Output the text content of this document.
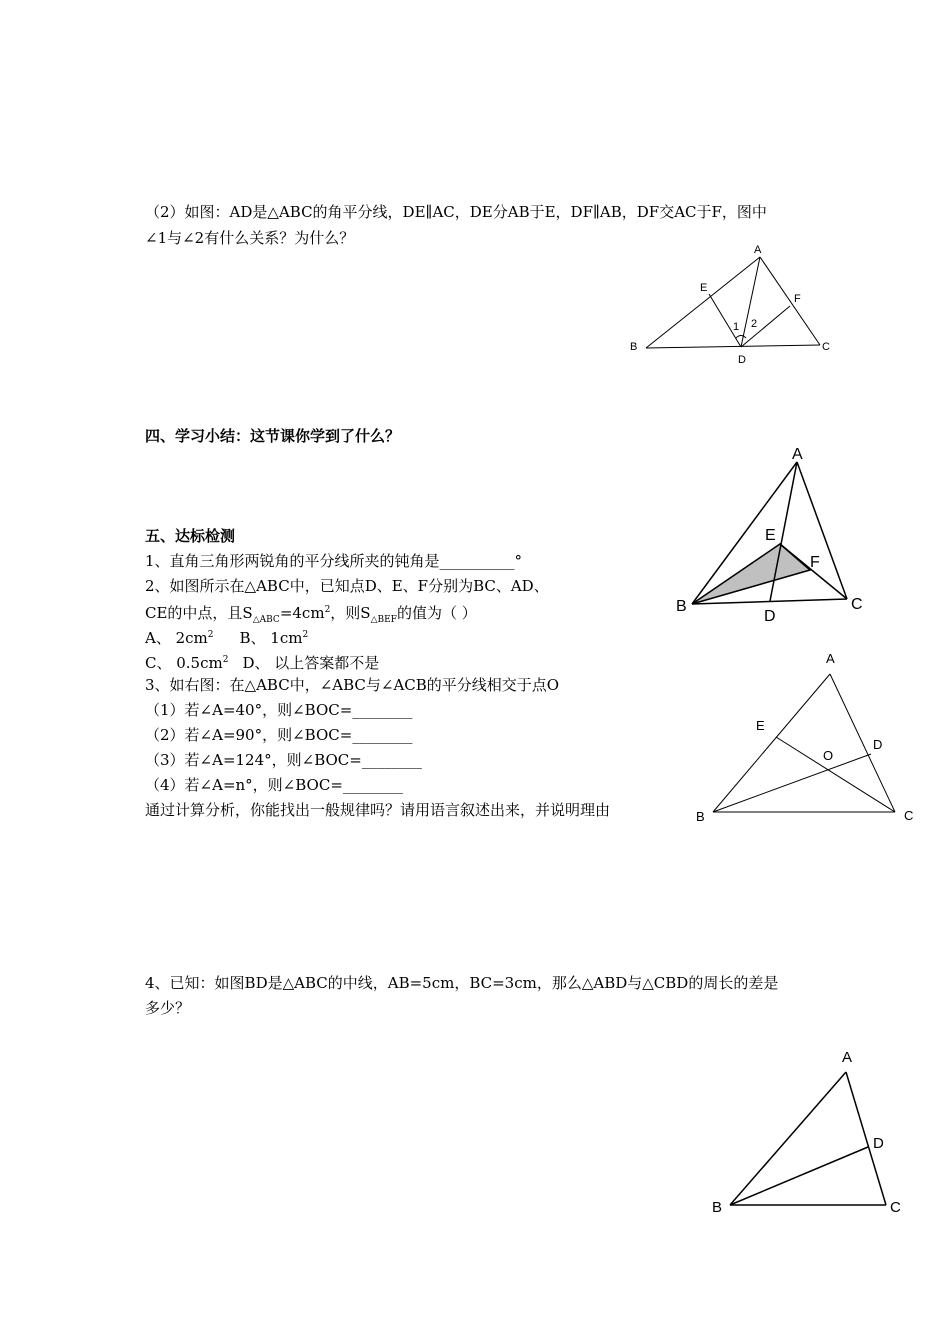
（2）如图：AD是△ABC的角平分线，DE∥AC，DE分AB于E，DF∥AB，DF交AC于F，图中
∠1与∠2有什么关系？为什么？
A
B	C
D
E
F
1 2
四、学习小结：这节课你学到了什么？
五、达标检测
1、直角三角形两锐角的平分线所夹的钝角是__________°
2、如图所示在△ABC中，已知点D、E、F分别为BC、AD、
CE的中点，且$S_{\triangle ABC}=4cm^2$，则$S_{\triangle BEF}$的值为（ ）
A、 $2cm^2$ B、 $1cm^2$
C、 $0.5cm^2$ D、 以上答案都不是
3、如右图：在△ABC中，∠ABC与∠ACB的平分线相交于点O
（1）若∠A=40°，则∠BOC=________
（2）若∠A=90°，则∠BOC=________
（3）若∠A=124°，则∠BOC=________
（4）若∠A=n°，则∠BOC=________
通过计算分析，你能找出一般规律吗？请用语言叙述出来，并说明理由
A
B	C
D
E
F
A
B	C
D
E
O
4、已知：如图BD是△ABC的中线，AB=5cm，BC=3cm，那么△ABD与△CBD的周长的差是
多少？
A
B	C
D
